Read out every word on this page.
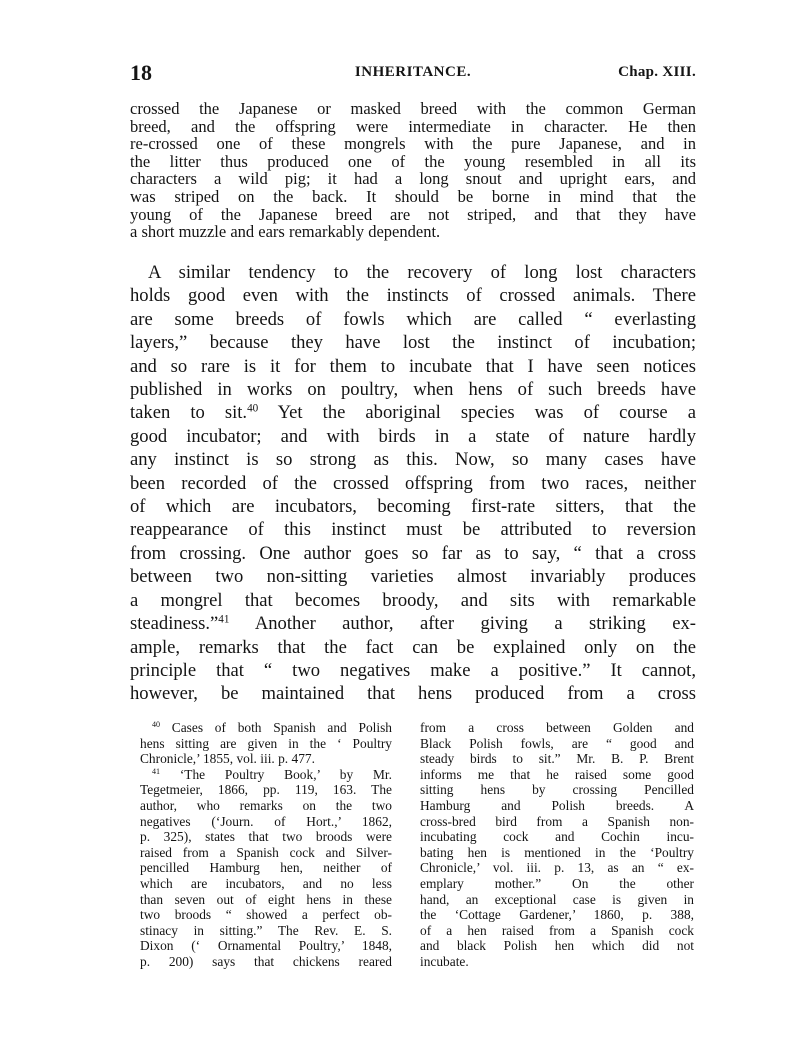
18	INHERITANCE.	Chap. XIII.
crossed the Japanese or masked breed with the common German
breed, and the offspring were intermediate in character. He then
re-crossed one of these mongrels with the pure Japanese, and in
the litter thus produced one of the young resembled in all its
characters a wild pig; it had a long snout and upright ears, and
was striped on the back. It should be borne in mind that the
young of the Japanese breed are not striped, and that they have
a short muzzle and ears remarkably dependent.
A similar tendency to the recovery of long lost characters
holds good even with the instincts of crossed animals. There
are some breeds of fowls which are called “ everlasting
layers,” because they have lost the instinct of incubation;
and so rare is it for them to incubate that I have seen notices
published in works on poultry, when hens of such breeds have
taken to sit.$^{40}$ Yet the aboriginal species was of course a
good incubator; and with birds in a state of nature hardly
any instinct is so strong as this. Now, so many cases have
been recorded of the crossed offspring from two races, neither
of which are incubators, becoming first-rate sitters, that the
reappearance of this instinct must be attributed to reversion
from crossing. One author goes so far as to say, “ that a cross
between two non-sitting varieties almost invariably produces
a mongrel that becomes broody, and sits with remarkable
steadiness.”$^{41}$ Another author, after giving a striking ex-
ample, remarks that the fact can be explained only on the
principle that “ two negatives make a positive.” It cannot,
however, be maintained that hens produced from a cross
$^{40}$ Cases of both Spanish and Polish
hens sitting are given in the ‘ Poultry
Chronicle,’ 1855, vol. iii. p. 477.
$^{41}$ ‘The Poultry Book,’ by Mr.
Tegetmeier, 1866, pp. 119, 163. The
author, who remarks on the two
negatives (‘Journ. of Hort.,’ 1862,
p. 325), states that two broods were
raised from a Spanish cock and Silver-
pencilled Hamburg hen, neither of
which are incubators, and no less
than seven out of eight hens in these
two broods “ showed a perfect ob-
stinacy in sitting.” The Rev. E. S.
Dixon (‘ Ornamental Poultry,’ 1848,
p. 200) says that chickens reared
from a cross between Golden and
Black Polish fowls, are “ good and
steady birds to sit.” Mr. B. P. Brent
informs me that he raised some good
sitting hens by crossing Pencilled
Hamburg and Polish breeds. A
cross-bred bird from a Spanish non-
incubating cock and Cochin incu-
bating hen is mentioned in the ‘Poultry
Chronicle,’ vol. iii. p. 13, as an “ ex-
emplary mother.” On the other
hand, an exceptional case is given in
the ‘Cottage Gardener,’ 1860, p. 388,
of a hen raised from a Spanish cock
and black Polish hen which did not
incubate.
